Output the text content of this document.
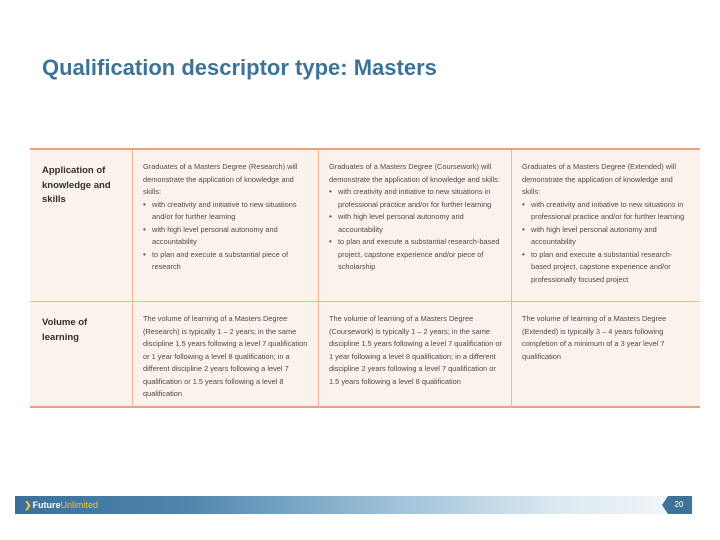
Qualification descriptor type: Masters
Application of knowledge and skills
Graduates of a Masters Degree (Research) will demonstrate the application of knowledge and skills:
• with creativity and initiative to new situations and/or for further learning
• with high level personal autonomy and accountability
• to plan and execute a substantial piece of research
Graduates of a Masters Degree (Coursework) will demonstrate the application of knowledge and skills:
• with creativity and initiative to new situations in professional practice and/or for further learning
• with high level personal autonomy and accountability
• to plan and execute a substantial research-based project, capstone experience and/or piece of scholarship
Graduates of a Masters Degree (Extended) will demonstrate the application of knowledge and skills:
• with creativity and initiative to new situations in professional practice and/or for further learning
• with high level personal autonomy and accountability
• to plan and execute a substantial research-based project, capstone experience and/or professionally focused project
Volume of learning
The volume of learning of a Masters Degree (Research) is typically 1 – 2 years; in the same discipline 1.5 years following a level 7 qualification or 1 year following a level 8 qualification; in a different discipline 2 years following a level 7 qualification or 1.5 years following a level 8 qualification
The volume of learning of a Masters Degree (Coursework) is typically 1 – 2 years; in the same discipline 1.5 years following a level 7 qualification or 1 year following a level 8 qualification; in a different discipline 2 years following a level 7 qualification or 1.5 years following a level 8 qualification
The volume of learning of a Masters Degree (Extended) is typically 3 – 4 years following completion of a minimum of a 3 year level 7 qualification
❯FutureUnlimited	20
